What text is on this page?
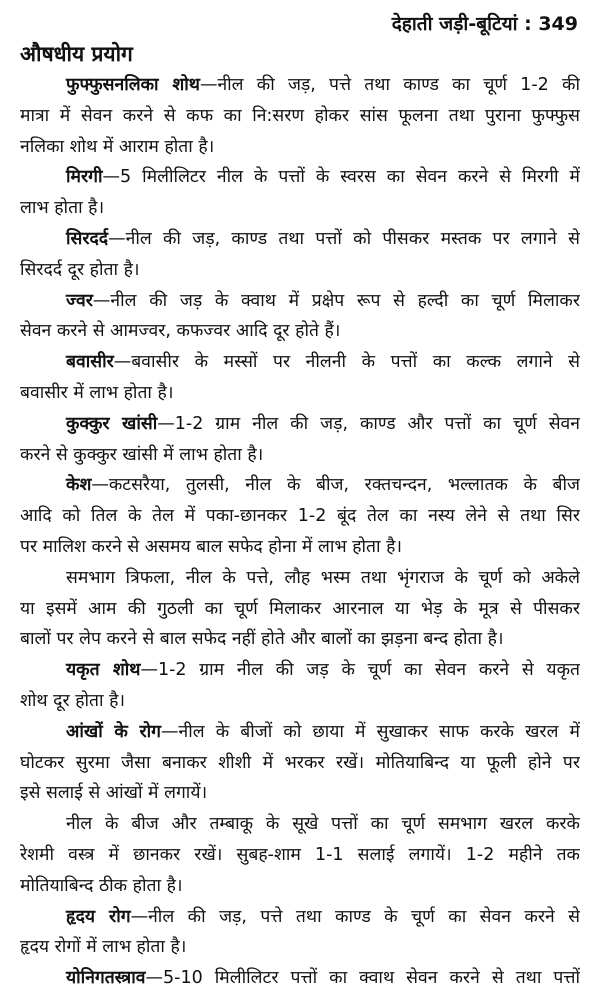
देहाती जड़ी-बूटियां : 349
औषधीय प्रयोग
फुफ्फुसनलिका शोथ—नील की जड़, पत्ते तथा काण्ड का चूर्ण 1-2 की
मात्रा में सेवन करने से कफ का नि:सरण होकर सांस फूलना तथा पुराना फुफ्फुस
नलिका शोथ में आराम होता है।
मिरगी—5 मिलीलिटर नील के पत्तों के स्वरस का सेवन करने से मिरगी में
लाभ होता है।
सिरदर्द—नील की जड़, काण्ड तथा पत्तों को पीसकर मस्तक पर लगाने से
सिरदर्द दूर होता है।
ज्वर—नील की जड़ के क्वाथ में प्रक्षेप रूप से हल्दी का चूर्ण मिलाकर
सेवन करने से आमज्वर, कफज्वर आदि दूर होते हैं।
बवासीर—बवासीर के मस्सों पर नीलनी के पत्तों का कल्क लगाने से
बवासीर में लाभ होता है।
कुक्कुर खांसी—1-2 ग्राम नील की जड़, काण्ड और पत्तों का चूर्ण सेवन
करने से कुक्कुर खांसी में लाभ होता है।
केश—कटसरैया, तुलसी, नील के बीज, रक्तचन्दन, भल्लातक के बीज
आदि को तिल के तेल में पका-छानकर 1-2 बूंद तेल का नस्य लेने से तथा सिर
पर मालिश करने से असमय बाल सफेद होना में लाभ होता है।
समभाग त्रिफला, नील के पत्ते, लौह भस्म तथा भृंगराज के चूर्ण को अकेले
या इसमें आम की गुठली का चूर्ण मिलाकर आरनाल या भेड़ के मूत्र से पीसकर
बालों पर लेप करने से बाल सफेद नहीं होते और बालों का झड़ना बन्द होता है।
यकृत शोथ—1-2 ग्राम नील की जड़ के चूर्ण का सेवन करने से यकृत
शोथ दूर होता है।
आंखों के रोग—नील के बीजों को छाया में सुखाकर साफ करके खरल में
घोटकर सुरमा जैसा बनाकर शीशी में भरकर रखें। मोतियाबिन्द या फूली होने पर
इसे सलाई से आंखों में लगायें।
नील के बीज और तम्बाकू के सूखे पत्तों का चूर्ण समभाग खरल करके
रेशमी वस्त्र में छानकर रखें। सुबह-शाम 1-1 सलाई लगायें। 1-2 महीने तक
मोतियाबिन्द ठीक होता है।
हृदय रोग—नील की जड़, पत्ते तथा काण्ड के चूर्ण का सेवन करने से
हृदय रोगों में लाभ होता है।
योनिगतस्त्राव—5-10 मिलीलिटर पत्तों का क्वाथ सेवन करने से तथा पत्तों
